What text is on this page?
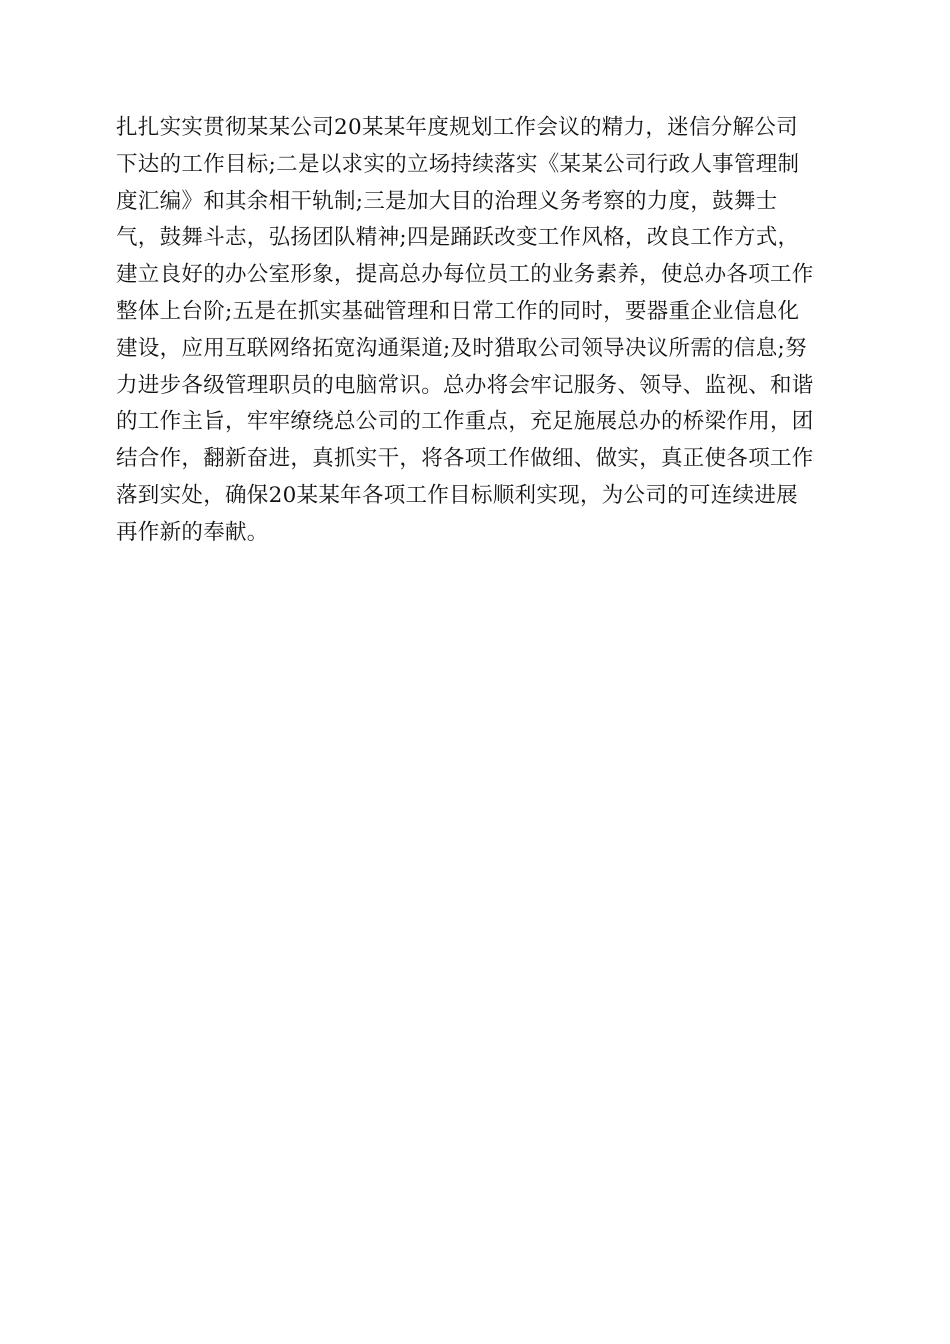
扎扎实实贯彻某某公司20某某年度规划工作会议的精力，迷信分解公司
下达的工作目标;二是以求实的立场持续落实《某某公司行政人事管理制
度汇编》和其余相干轨制;三是加大目的治理义务考察的力度，鼓舞士
气，鼓舞斗志，弘扬团队精神;四是踊跃改变工作风格，改良工作方式，
建立良好的办公室形象，提高总办每位员工的业务素养，使总办各项工作
整体上台阶;五是在抓实基础管理和日常工作的同时，要器重企业信息化
建设，应用互联网络拓宽沟通渠道;及时猎取公司领导决议所需的信息;努
力进步各级管理职员的电脑常识。总办将会牢记服务、领导、监视、和谐
的工作主旨，牢牢缭绕总公司的工作重点，充足施展总办的桥梁作用，团
结合作，翻新奋进，真抓实干，将各项工作做细、做实，真正使各项工作
落到实处，确保20某某年各项工作目标顺利实现，为公司的可连续进展
再作新的奉献。
